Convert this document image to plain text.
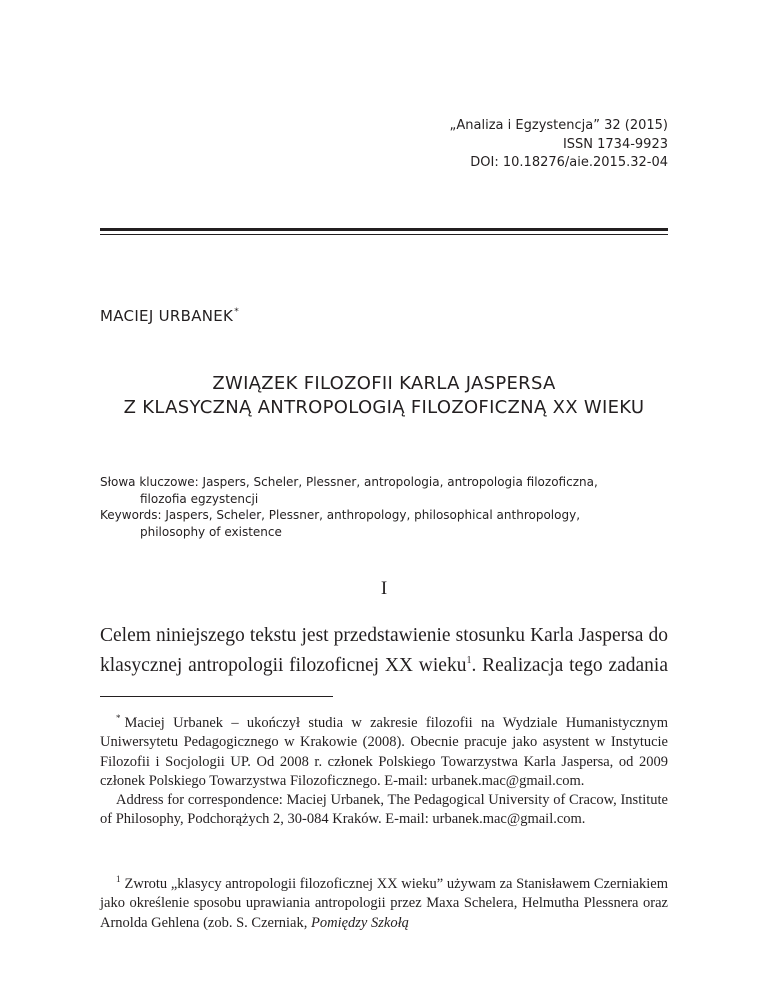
„Analiza i Egzystencja” 32 (2015)
ISSN 1734-9923
DOI: 10.18276/aie.2015.32-04
MACIEJ URBANEK*
ZWIĄZEK FILOZOFII KARLA JASPERSA
Z KLASYCZNĄ ANTROPOLOGIĄ FILOZOFICZNĄ XX WIEKU
Słowa kluczowe: Jaspers, Scheler, Plessner, antropologia, antropologia filozoficzna,
filozofia egzystencji
Keywords: Jaspers, Scheler, Plessner, anthropology, philosophical anthropology,
philosophy of existence
I
Celem niniejszego tekstu jest przedstawienie stosunku Karla Jaspersa do
klasycznej antropologii filozoficnej XX wieku$^1$. Realizacja tego zadania

* Maciej Urbanek – ukończył studia w zakresie filozofii na Wydziale Humanistycznym Uniwersytetu Pedagogicznego w Krakowie (2008). Obecnie pracuje jako asystent w Instytucie Filozofii i Socjologii UP. Od 2008 r. członek Polskiego Towarzystwa Karla Jaspersa, od 2009 członek Polskiego Towarzystwa Filozoficznego. E-mail: urbanek.mac@gmail.com.

Address for correspondence: Maciej Urbanek, The Pedagogical University of Cracow, Institute of Philosophy, Podchorążych 2, 30-084 Kraków. E-mail: urbanek.mac@gmail.com.

$^1$ Zwrotu „klasycy antropologii filozoficznej XX wieku” używam za Stanisławem Czerniakiem jako określenie sposobu uprawiania antropologii przez Maxa Schelera, Helmutha Plessnera oraz Arnolda Gehlena (zob. S. Czerniak, Pomiędzy Szkołą
